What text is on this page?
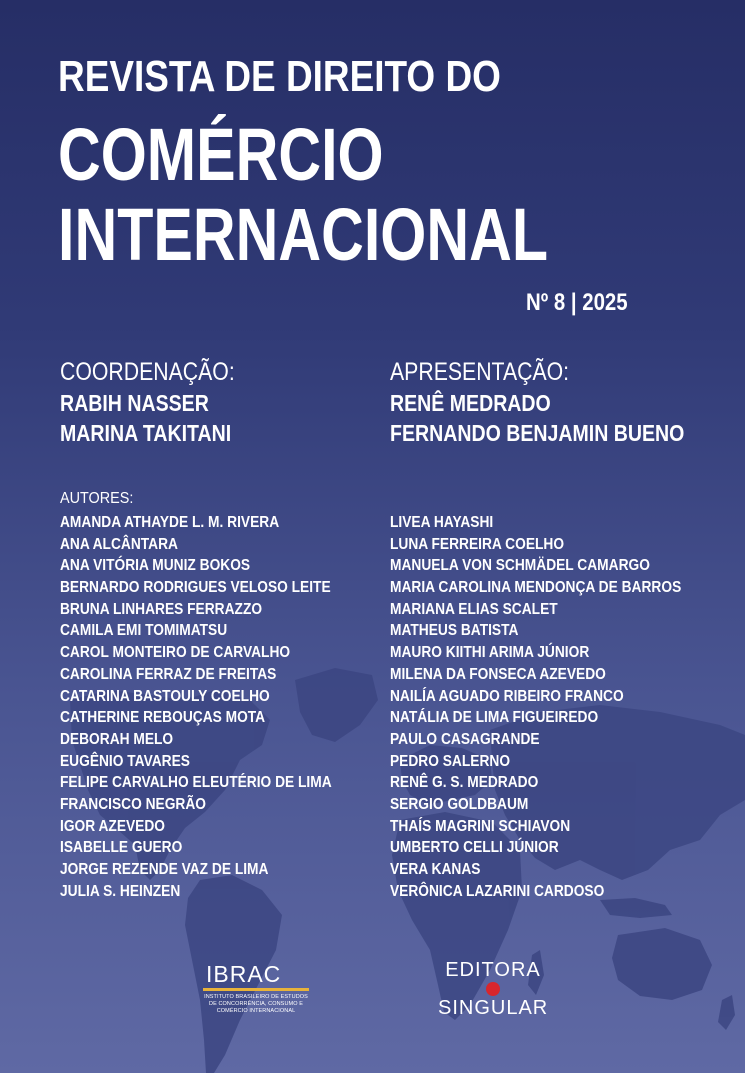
REVISTA DE DIREITO DO
COMÉRCIO
INTERNACIONAL
Nº 8 | 2025
COORDENAÇÃO:
RABIH NASSER
MARINA TAKITANI
APRESENTAÇÃO:
RENÊ MEDRADO
FERNANDO BENJAMIN BUENO
AUTORES:
AMANDA ATHAYDE L. M. RIVERA
ANA ALCÂNTARA
ANA VITÓRIA MUNIZ BOKOS
BERNARDO RODRIGUES VELOSO LEITE
BRUNA LINHARES FERRAZZO
CAMILA EMI TOMIMATSU
CAROL MONTEIRO DE CARVALHO
CAROLINA FERRAZ DE FREITAS
CATARINA BASTOULY COELHO
CATHERINE REBOUÇAS MOTA
DEBORAH MELO
EUGÊNIO TAVARES
FELIPE CARVALHO ELEUTÉRIO DE LIMA
FRANCISCO NEGRÃO
IGOR AZEVEDO
ISABELLE GUERO
JORGE REZENDE VAZ DE LIMA
JULIA S. HEINZEN
LIVEA HAYASHI
LUNA FERREIRA COELHO
MANUELA VON SCHMÄDEL CAMARGO
MARIA CAROLINA MENDONÇA DE BARROS
MARIANA ELIAS SCALET
MATHEUS BATISTA
MAURO KIITHI ARIMA JÚNIOR
MILENA DA FONSECA AZEVEDO
NAILÍA AGUADO RIBEIRO FRANCO
NATÁLIA DE LIMA FIGUEIREDO
PAULO CASAGRANDE
PEDRO SALERNO
RENÊ G. S. MEDRADO
SERGIO GOLDBAUM
THAÍS MAGRINI SCHIAVON
UMBERTO CELLI JÚNIOR
VERA KANAS
VERÔNICA LAZARINI CARDOSO
IBRAC
INSTITUTO BRASILEIRO DE ESTUDOS
DE CONCORRÊNCIA, CONSUMO E
COMÉRCIO INTERNACIONAL
EDITORA
SINGULAR
